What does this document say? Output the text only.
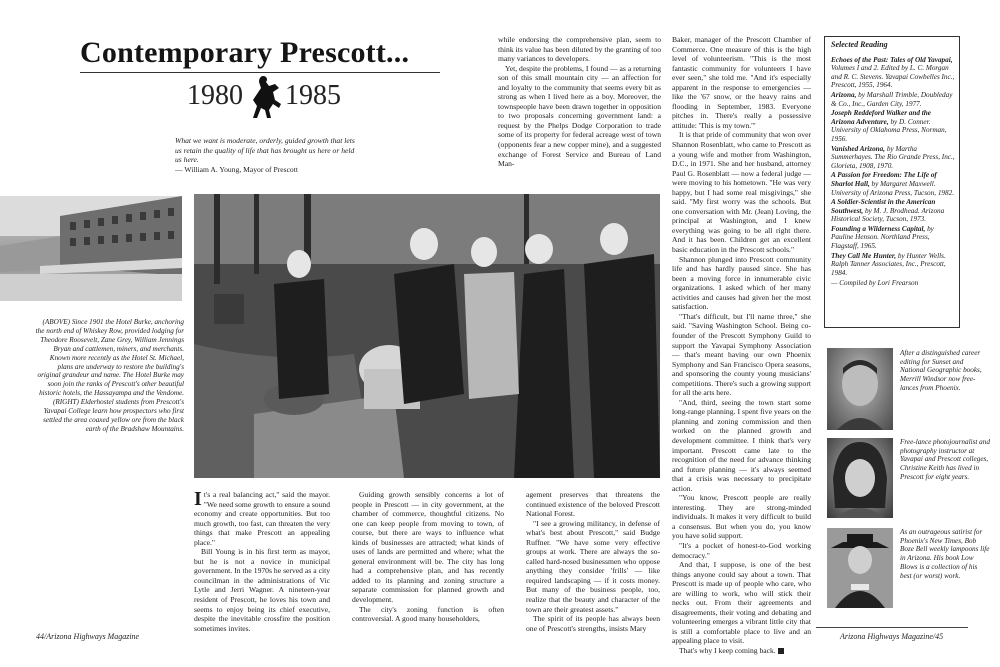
Contemporary Prescott...
1980 1985
What we want is moderate, orderly, guided growth that lets us retain the quality of life that has brought us here or held us here.
— William A. Young, Mayor of Prescott
(ABOVE) Since 1901 the Hotel Burke, anchoring the north end of Whiskey Row, provided lodging for Theodore Roosevelt, Zane Grey, William Jennings Bryan and cattlemen, miners, and merchants. Known more recently as the Hotel St. Michael, plans are underway to restore the building's original grandeur and name. The Hotel Burke may soon join the ranks of Prescott's other beautiful historic hotels, the Hassayampa and the Vendome. (RIGHT) Elderhostel students from Prescott's Yavapai College learn how prospectors who first settled the area coaxed yellow ore from the black earth of the Bradshaw Mountains.

It's a real balancing act," said the mayor. "We need some growth to ensure a sound economy and create opportunities. But too much growth, too fast, can threaten the very things that make Prescott an appealing place."

Bill Young is in his first term as mayor, but he is not a novice in municipal government. In the 1970s he served as a city councilman in the administrations of Vic Lytle and Jerri Wagner. A nineteen-year resident of Prescott, he loves his town and seems to enjoy being its chief executive, despite the inevitable crossfire the position sometimes invites.

Guiding growth sensibly concerns a lot of people in Prescott — in city government, at the chamber of commerce, thoughtful citizens. No one can keep people from moving to town, of course, but there are ways to influence what kinds of businesses are attracted; what kinds of uses of lands are permitted and where; what the general environment will be. The city has long had a comprehensive plan, and has recently added to its planning and zoning structure a separate commission for planned growth and development.

The city's zoning function is often controversial. A good many householders,

agement preserves that threatens the continued existence of the beloved Prescott National Forest.

"I see a growing militancy, in defense of what's best about Prescott," said Budge Ruffner. "We have some very effective groups at work. There are always the so-called hard-nosed businessmen who oppose anything they consider 'frills' — like required landscaping — if it costs money. But many of the business people, too, realize that the beauty and character of the town are their greatest assets."

The spirit of its people has always been one of Prescott's strengths, insists Mary

while endorsing the comprehensive plan, seem to think its value has been diluted by the granting of too many variances to developers.

Yet, despite the problems, I found — as a returning son of this small mountain city — an affection for and loyalty to the community that seems every bit as strong as when I lived here as a boy. Moreover, the townspeople have been drawn together in opposition to two proposals concerning government land: a request by the Phelps Dodge Corporation to trade some of its property for federal acreage west of town (opponents fear a new copper mine), and a suggested exchange of Forest Service and Bureau of Land Man-

Baker, manager of the Prescott Chamber of Commerce. One measure of this is the high level of volunteerism. "This is the most fantastic community for volunteers I have ever seen," she told me. "And it's especially apparent in the response to emergencies — like the '67 snow, or the heavy rains and flooding in September, 1983. Everyone pitches in. There's really a possessive attitude: 'This is my town.'"

It is that pride of community that won over Shannon Rosenblatt, who came to Prescott as a young wife and mother from Washington, D.C., in 1971. She and her husband, attorney Paul G. Rosenblatt — now a federal judge — were moving to his hometown. "He was very happy, but I had some real misgivings," she said. "My first worry was the schools. But one conversation with Mr. (Jean) Loving, the principal at Washington, and I knew everything was going to be all right there. And it has been. Children get an excellent basic education in the Prescott schools."

Shannon plunged into Prescott community life and has hardly paused since. She has been a moving force in innumerable civic organizations. I asked which of her many activities and causes had given her the most satisfaction.

"That's difficult, but I'll name three," she said. "Saving Washington School. Being co-founder of the Prescott Symphony Guild to support the Yavapai Symphony Association — that's meant having our own Phoenix Symphony and San Francisco Opera seasons, and sponsoring the county young musicians' competitions. There's such a growing support for all the arts here.

"And, third, seeing the town start some long-range planning. I spent five years on the planning and zoning commission and then worked on the planned growth and development committee. I think that's very important. Prescott came late to the recognition of the need for advance thinking and future planning — it's always seemed that a crisis was necessary to precipitate action.

"You know, Prescott people are really interesting. They are strong-minded individuals. It makes it very difficult to build a consensus. But when you do, you know you have solid support.

"It's a pocket of honest-to-God working democracy."

And that, I suppose, is one of the best things anyone could say about a town. That Prescott is made up of people who care, who are willing to work, who will stick their necks out. From their agreements and disagreements, their voting and debating and volunteering emerges a vibrant little city that is still a comfortable place to live and an appealing place to visit.

That's why I keep coming back.

Selected Reading
Echoes of the Past: Tales of Old Yavapai, Volumes I and 2. Edited by L. C. Morgan and R. C. Stevens. Yavapai Cowbelles Inc., Prescott, 1955, 1964.
Arizona, by Marshall Trimble, Doubleday & Co., Inc., Garden City, 1977.
Joseph Reddeford Walker and the Arizona Adventure, by D. Conner. University of Oklahoma Press, Norman, 1956.
Vanished Arizona, by Martha Summerhayes. The Rio Grande Press, Inc., Glorieta, 1908, 1970.
A Passion for Freedom: The Life of Sharlot Hall, by Margaret Maxwell. University of Arizona Press, Tucson, 1982.
A Soldier-Scientist in the American Southwest, by M. J. Brodhead. Arizona Historical Society, Tucson, 1973.
Founding a Wilderness Capital, by Pauline Henson. Northland Press, Flagstaff, 1965.
They Call Me Hunter, by Hunter Wells. Ralph Tanner Associates, Inc., Prescott, 1984.
— Compiled by Lori Frearson
After a distinguished career editing for Sunset and National Geographic books, Merrill Windsor now free-lances from Phoenix.
Free-lance photojournalist and photography instructor at Yavapai and Prescott colleges, Christine Keith has lived in Prescott for eight years.
As an outrageous satirist for Phoenix's New Times, Bob Boze Bell weekly lampoons life in Arizona. His book Low Blows is a collection of his best (or worst) work.
44/Arizona Highways Magazine	Arizona Highways Magazine/45
